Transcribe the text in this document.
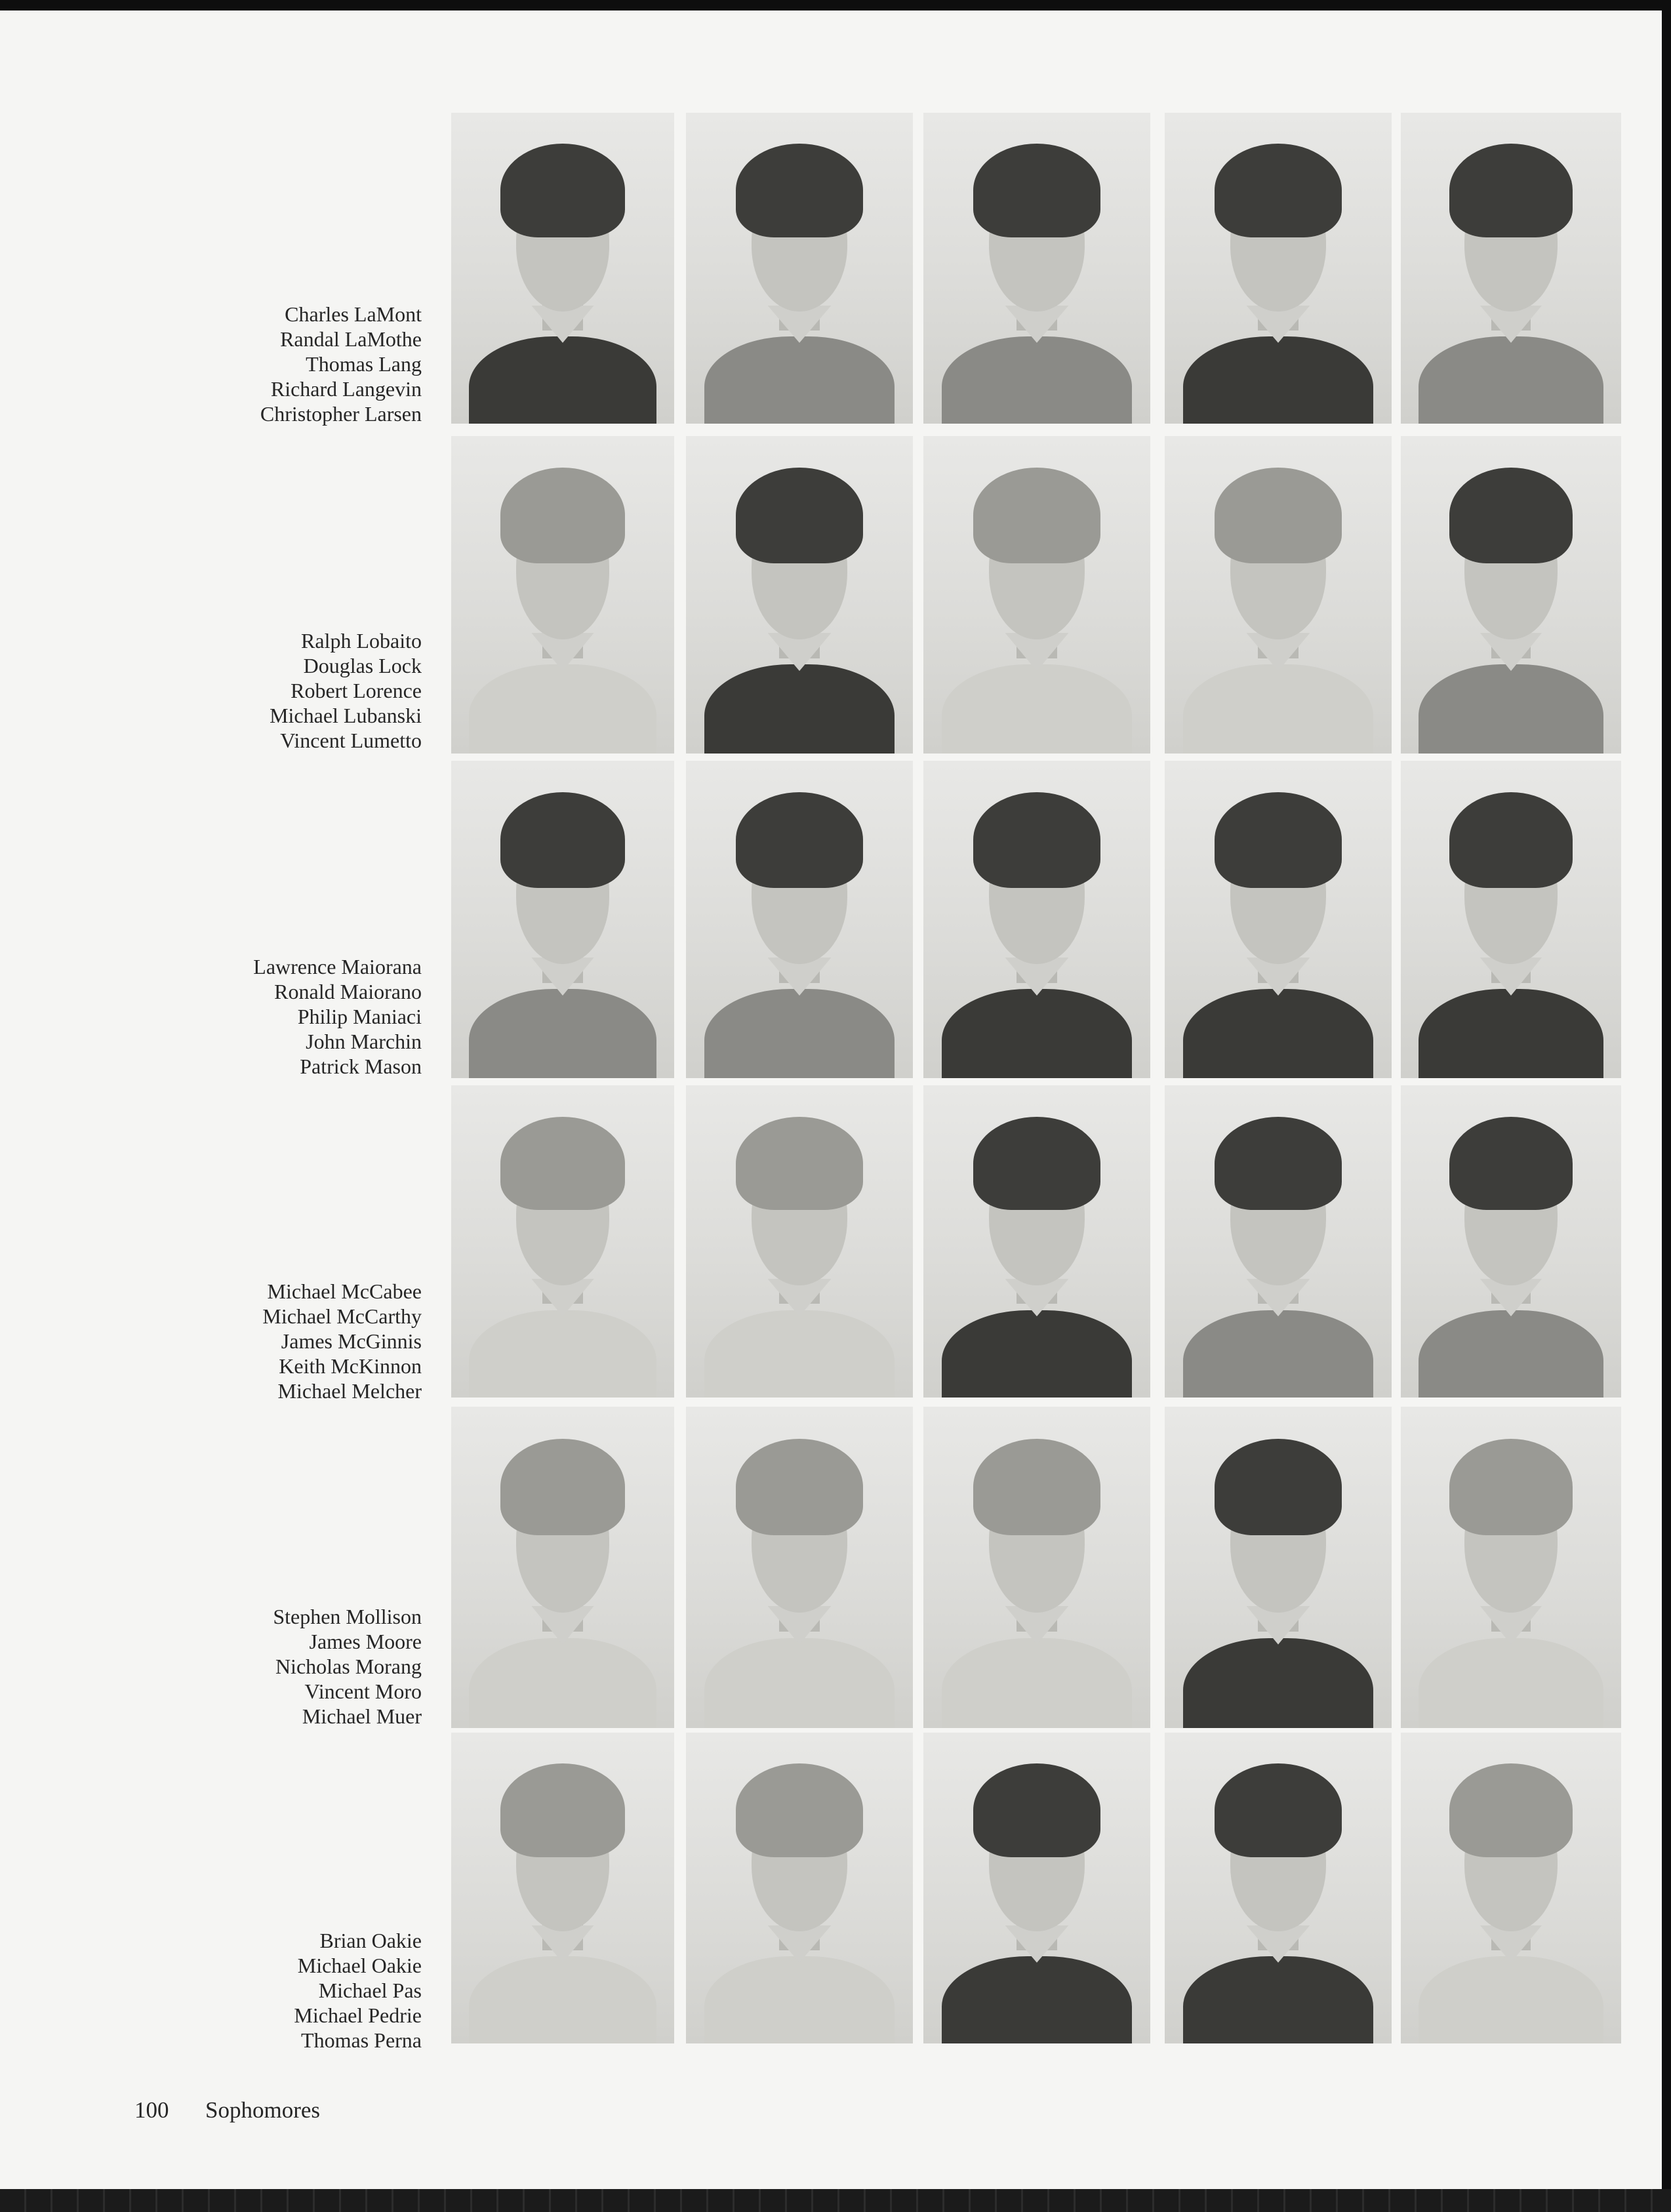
Charles LaMont
Randal LaMothe
Thomas Lang
Richard Langevin
Christopher Larsen
Ralph Lobaito
Douglas Lock
Robert Lorence
Michael Lubanski
Vincent Lumetto
Lawrence Maiorana
Ronald Maiorano
Philip Maniaci
John Marchin
Patrick Mason
Michael McCabee
Michael McCarthy
James McGinnis
Keith McKinnon
Michael Melcher
Stephen Mollison
James Moore
Nicholas Morang
Vincent Moro
Michael Muer
Brian Oakie
Michael Oakie
Michael Pas
Michael Pedrie
Thomas Perna
100 Sophomores
